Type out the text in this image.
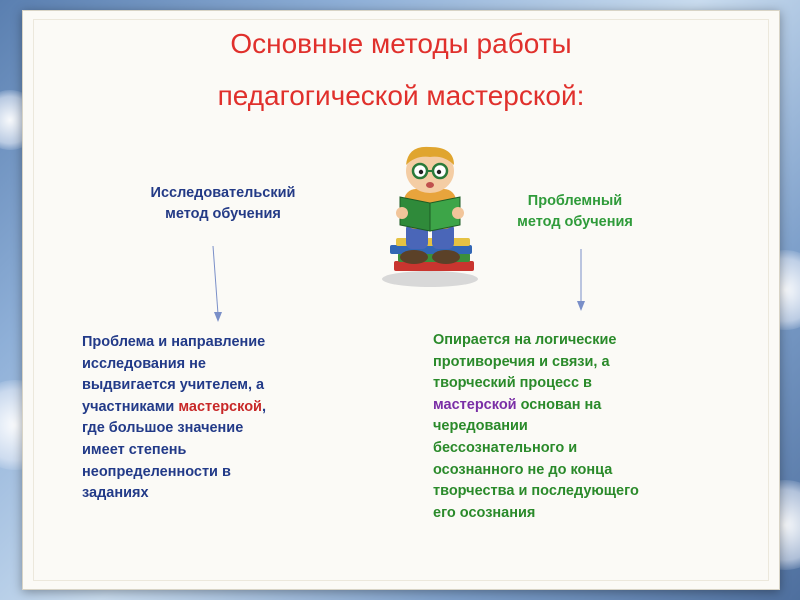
Основные методы работы
педагогической мастерской:
Исследовательский
метод обучения
Проблемный
метод обучения
Проблема и направление
исследования не
выдвигается учителем, а
участниками мастерской,
где большое значение
имеет степень
неопределенности в
заданиях
Опирается на логические
противоречия и связи, а
творческий процесс в
мастерской основан на
чередовании
бессознательного и
осознанного не до конца
творчества и последующего
его осознания
